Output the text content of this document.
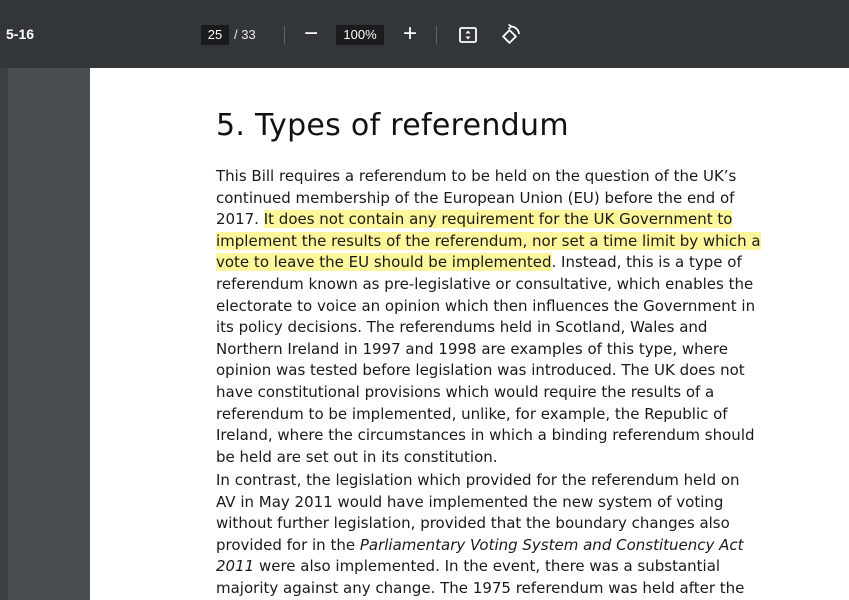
5-16	25 / 33 −	100%	+
5. Types of referendum
This Bill requires a referendum to be held on the question of the UK’s
continued membership of the European Union (EU) before the end of
2017. It does not contain any requirement for the UK Government to
implement the results of the referendum, nor set a time limit by which a
vote to leave the EU should be implemented. Instead, this is a type of
referendum known as pre-legislative or consultative, which enables the
electorate to voice an opinion which then influences the Government in
its policy decisions. The referendums held in Scotland, Wales and
Northern Ireland in 1997 and 1998 are examples of this type, where
opinion was tested before legislation was introduced. The UK does not
have constitutional provisions which would require the results of a
referendum to be implemented, unlike, for example, the Republic of
Ireland, where the circumstances in which a binding referendum should
be held are set out in its constitution.
In contrast, the legislation which provided for the referendum held on
AV in May 2011 would have implemented the new system of voting
without further legislation, provided that the boundary changes also
provided for in the Parliamentary Voting System and Constituency Act
2011 were also implemented. In the event, there was a substantial
majority against any change. The 1975 referendum was held after the
